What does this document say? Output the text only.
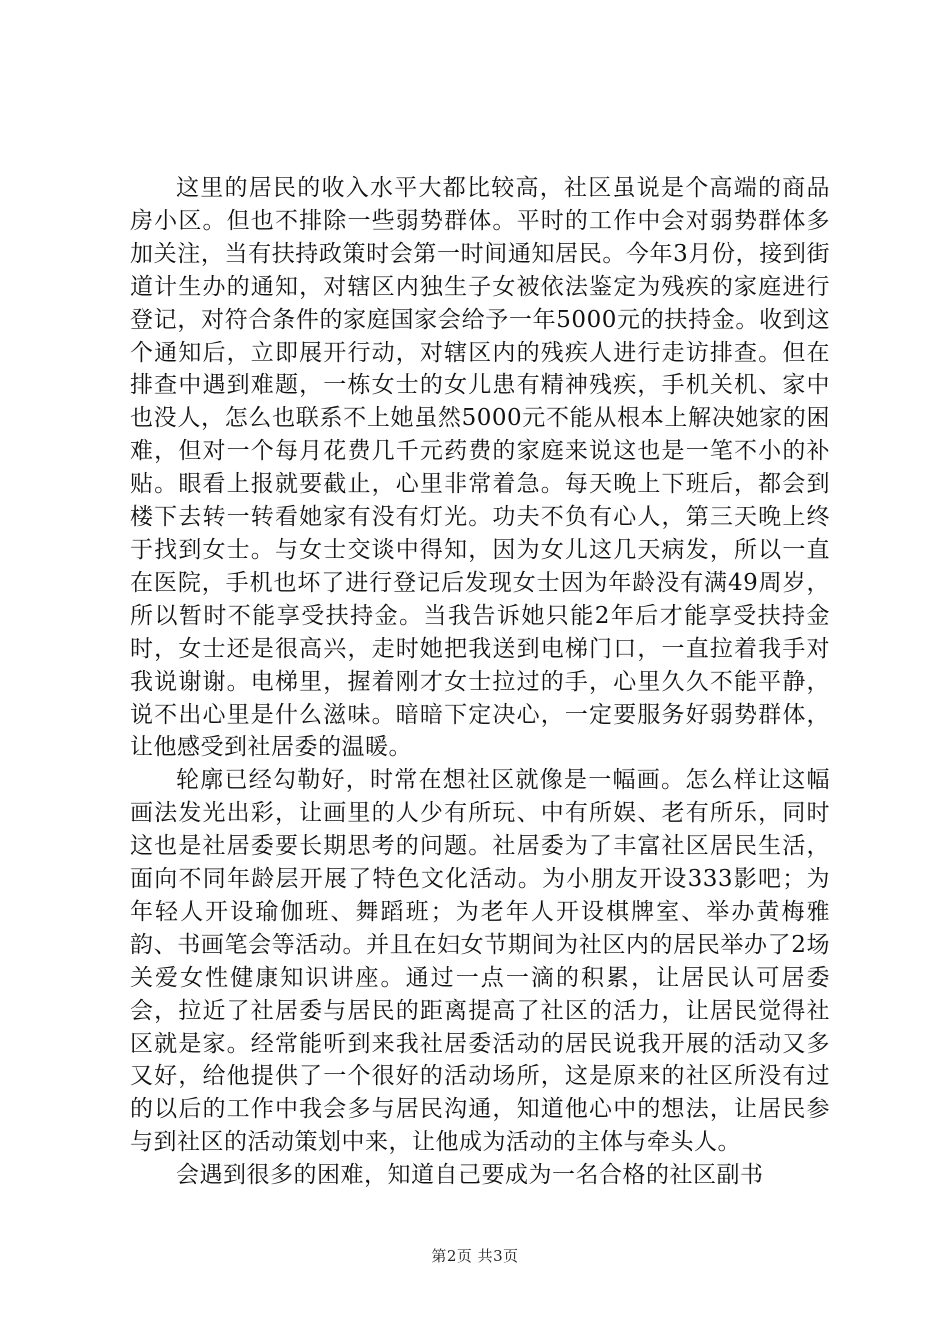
这里的居民的收入水平大都比较高，社区虽说是个高端的商品房小区。但也不排除一些弱势群体。平时的工作中会对弱势群体多加关注，当有扶持政策时会第一时间通知居民。今年3月份，接到街道计生办的通知，对辖区内独生子女被依法鉴定为残疾的家庭进行登记，对符合条件的家庭国家会给予一年5000元的扶持金。收到这个通知后，立即展开行动，对辖区内的残疾人进行走访排查。但在排查中遇到难题，一栋女士的女儿患有精神残疾，手机关机、家中也没人，怎么也联系不上她虽然5000元不能从根本上解决她家的困难，但对一个每月花费几千元药费的家庭来说这也是一笔不小的补贴。眼看上报就要截止，心里非常着急。每天晚上下班后，都会到楼下去转一转看她家有没有灯光。功夫不负有心人，第三天晚上终于找到女士。与女士交谈中得知，因为女儿这几天病发，所以一直在医院，手机也坏了进行登记后发现女士因为年龄没有满49周岁，所以暂时不能享受扶持金。当我告诉她只能2年后才能享受扶持金时，女士还是很高兴，走时她把我送到电梯门口，一直拉着我手对我说谢谢。电梯里，握着刚才女士拉过的手，心里久久不能平静，说不出心里是什么滋味。暗暗下定决心，一定要服务好弱势群体，让他感受到社居委的温暖。

轮廓已经勾勒好，时常在想社区就像是一幅画。怎么样让这幅画法发光出彩，让画里的人少有所玩、中有所娱、老有所乐，同时这也是社居委要长期思考的问题。社居委为了丰富社区居民生活，面向不同年龄层开展了特色文化活动。为小朋友开设333影吧；为年轻人开设瑜伽班、舞蹈班；为老年人开设棋牌室、举办黄梅雅韵、书画笔会等活动。并且在妇女节期间为社区内的居民举办了2场关爱女性健康知识讲座。通过一点一滴的积累，让居民认可居委会，拉近了社居委与居民的距离提高了社区的活力，让居民觉得社区就是家。经常能听到来我社居委活动的居民说我开展的活动又多又好，给他提供了一个很好的活动场所，这是原来的社区所没有过的以后的工作中我会多与居民沟通，知道他心中的想法，让居民参与到社区的活动策划中来，让他成为活动的主体与牵头人。

会遇到很多的困难，知道自己要成为一名合格的社区副书

第2页 共3页
